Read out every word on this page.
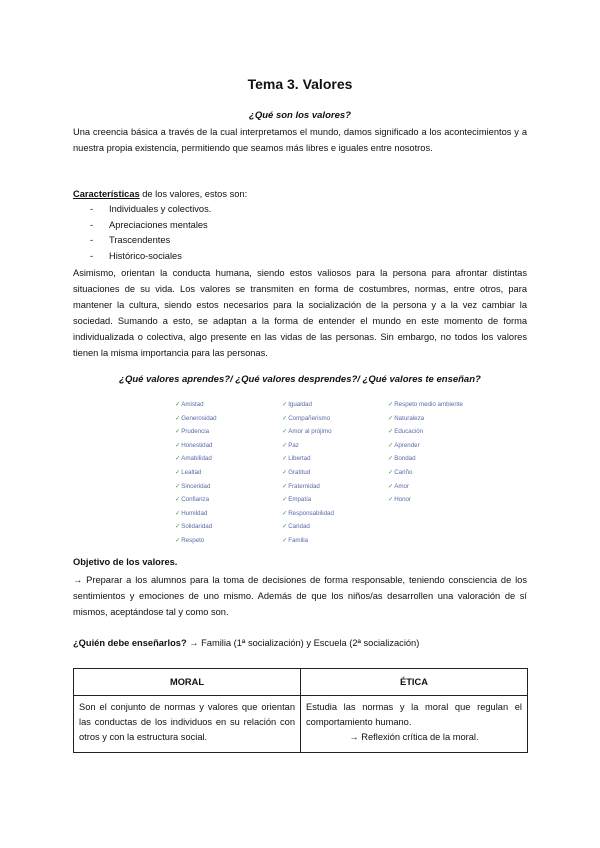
Tema 3. Valores
¿Qué son los valores?

Una creencia básica a través de la cual interpretamos el mundo, damos significado a los acontecimientos y a nuestra propia existencia, permitiendo que seamos más libres e iguales entre nosotros.

Características de los valores, estos son:
-	Individuales y colectivos.
-	Apreciaciones mentales
-	Trascendentes
-	Histórico-sociales

Asimismo, orientan la conducta humana, siendo estos valiosos para la persona para afrontar distintas situaciones de su vida. Los valores se transmiten en forma de costumbres, normas, entre otros, para mantener la cultura, siendo estos necesarios para la socialización de la persona y a la vez cambiar la sociedad. Sumando a esto, se adaptan a la forma de entender el mundo en este momento de forma individualizada o colectiva, algo presente en las vidas de las personas. Sin embargo, no todos los valores tienen la misma importancia para las personas.

¿Qué valores aprendes?/ ¿Qué valores desprendes?/ ¿Qué valores te enseñan?
✓Amistad
✓Generosidad
✓Prudencia
✓Honestidad
✓Amabilidad
✓Lealtad
✓Sinceridad
✓Confianza
✓Humildad
✓Solidaridad
✓Respeto
✓Igualdad
✓Compañerismo
✓Amor al prójimo
✓Paz
✓Libertad
✓Gratitud
✓Fraternidad
✓Empatía
✓Responsabilidad
✓Caridad
✓Familia
✓Respeto medio ambiente
✓Naturaleza
✓Educación
✓Aprender
✓Bondad
✓Cariño
✓Amor
✓Honor
Objetivo de los valores.

→ Preparar a los alumnos para la toma de decisiones de forma responsable, teniendo consciencia de los sentimientos y emociones de uno mismo. Además de que los niños/as desarrollen una valoración de sí mismos, aceptándose tal y como son.

¿Quién debe enseñarlos? → Familia (1ª socialización) y Escuela (2ª socialización)
MORAL	ÉTICA
Son el conjunto de normas y valores que orientan las conductas de los individuos en su relación con otros y con la estructura social.	Estudia las normas y la moral que regulan el comportamiento humano.
→ Reflexión crítica de la moral.
